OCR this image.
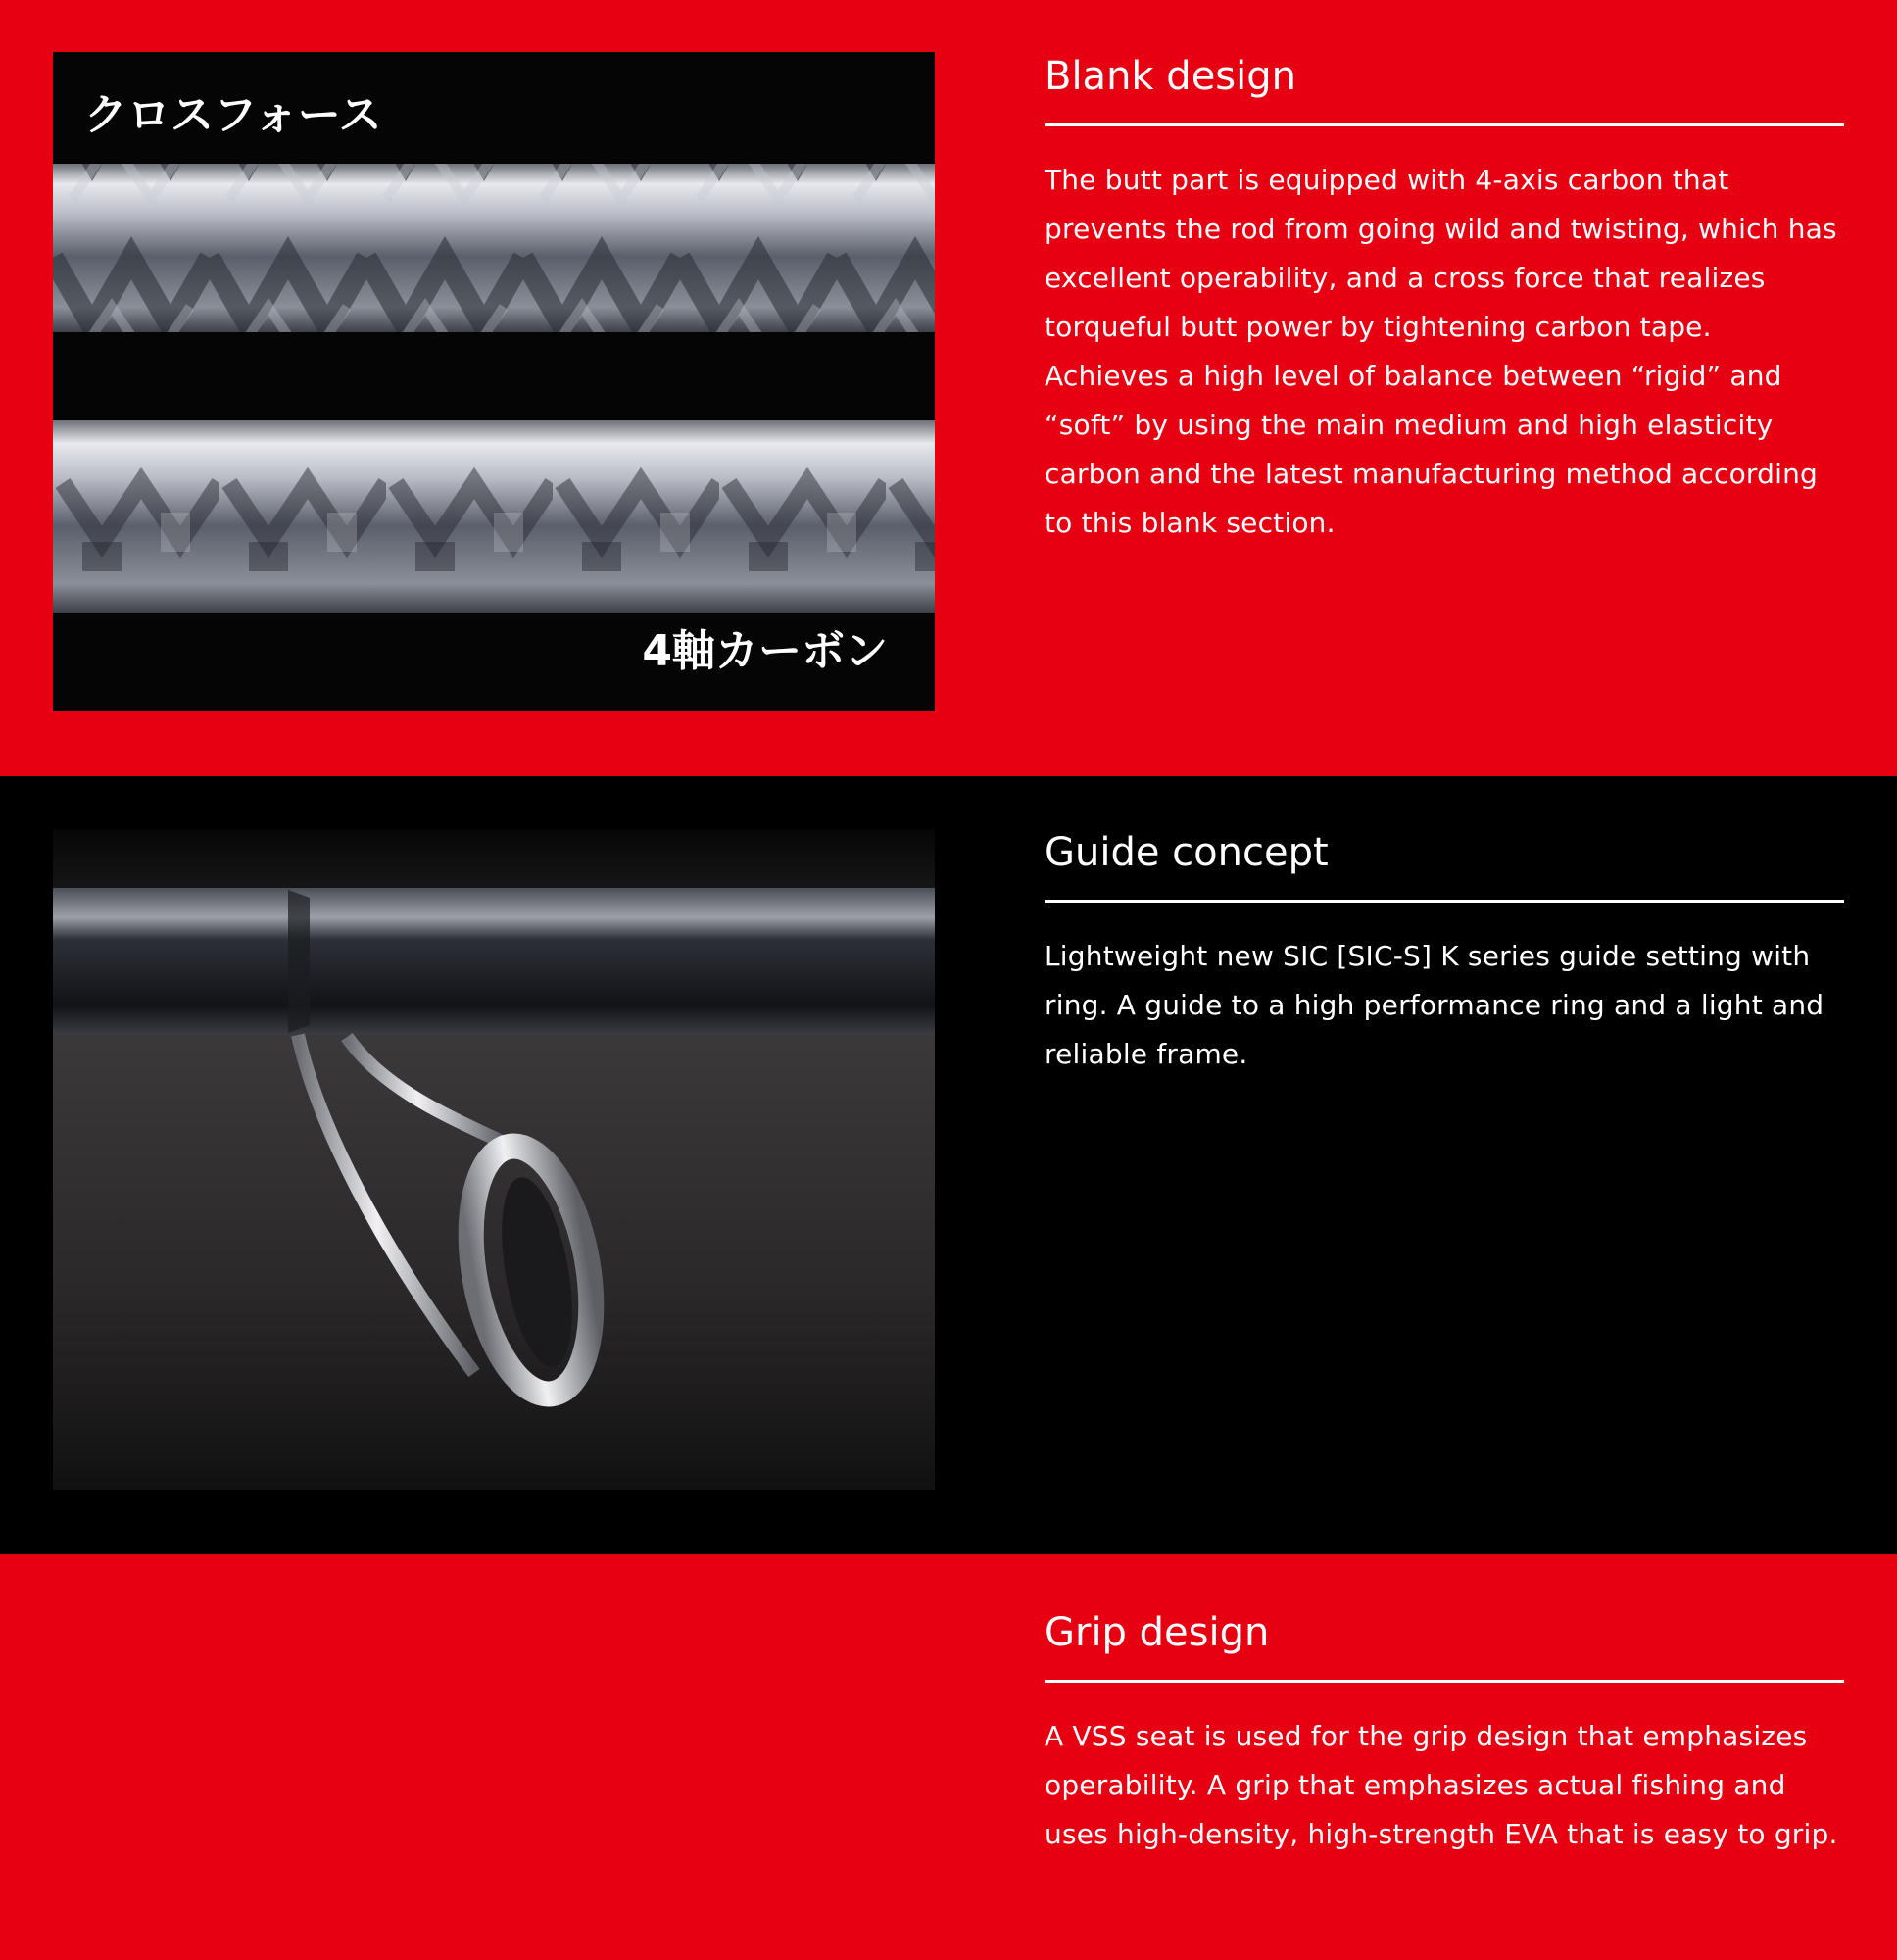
クロスフォース
4軸カーボン
Blank design

The butt part is equipped with 4-axis carbon that prevents the rod from going wild and twisting, which has excellent operability, and a cross force that realizes torqueful butt power by tightening carbon tape. Achieves a high level of balance between “rigid” and “soft” by using the main medium and high elasticity carbon and the latest manufacturing method according to this blank section.

Guide concept

Lightweight new SIC [SIC-S] K series guide setting with ring. A guide to a high performance ring and a light and reliable frame.

Grip design

A VSS seat is used for the grip design that emphasizes operability. A grip that emphasizes actual fishing and uses high-density, high-strength EVA that is easy to grip.
